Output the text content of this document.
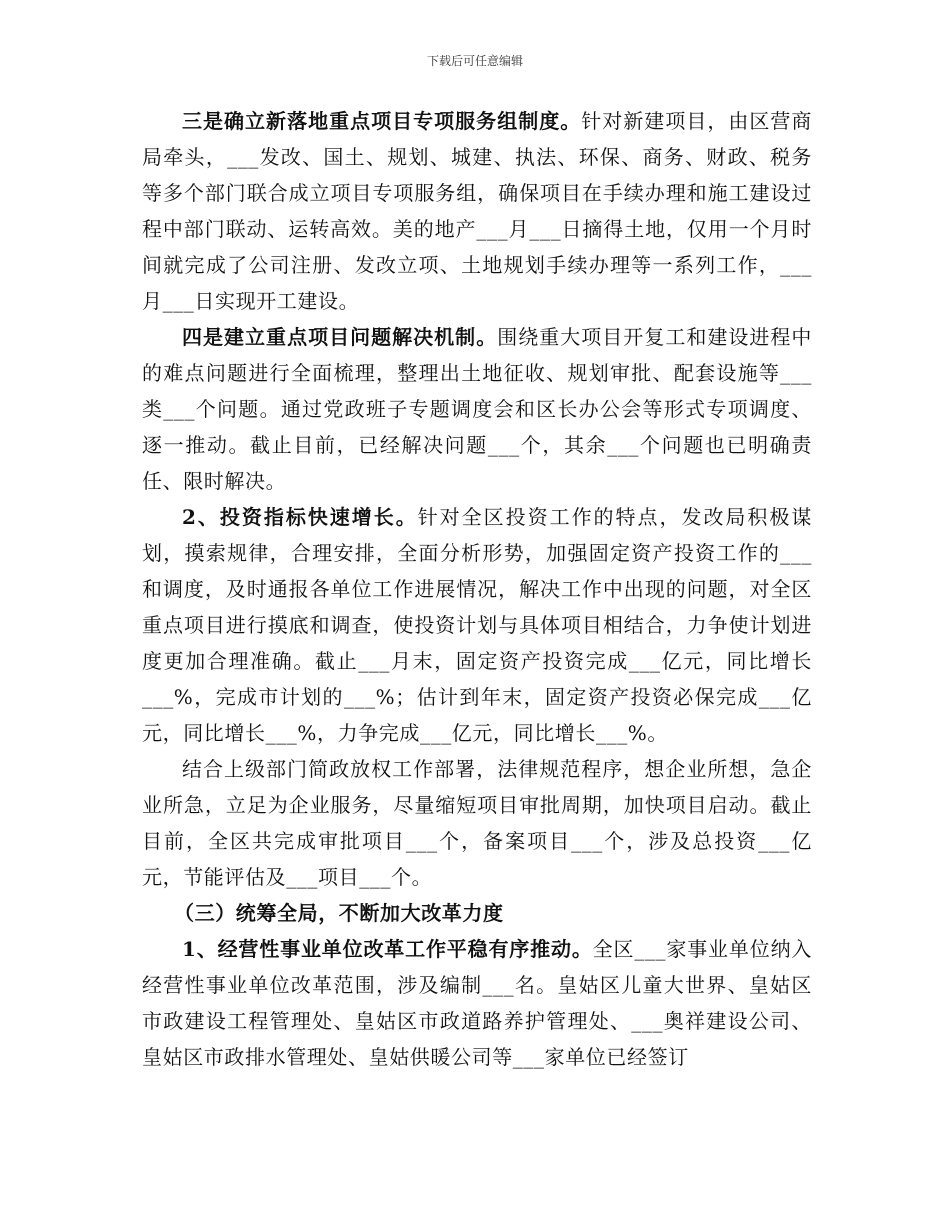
下载后可任意编辑

三是确立新落地重点项目专项服务组制度。针对新建项目，由区营商局牵头，___发改、国土、规划、城建、执法、环保、商务、财政、税务等多个部门联合成立项目专项服务组，确保项目在手续办理和施工建设过程中部门联动、运转高效。美的地产___月___日摘得土地，仅用一个月时间就完成了公司注册、发改立项、土地规划手续办理等一系列工作，___月___日实现开工建设。

四是建立重点项目问题解决机制。围绕重大项目开复工和建设进程中的难点问题进行全面梳理，整理出土地征收、规划审批、配套设施等___类___个问题。通过党政班子专题调度会和区长办公会等形式专项调度、逐一推动。截止目前，已经解决问题___个，其余___个问题也已明确责任、限时解决。

2、投资指标快速增长。针对全区投资工作的特点，发改局积极谋划，摸索规律，合理安排，全面分析形势，加强固定资产投资工作的___和调度，及时通报各单位工作进展情况，解决工作中出现的问题，对全区重点项目进行摸底和调查，使投资计划与具体项目相结合，力争使计划进度更加合理准确。截止___月末，固定资产投资完成___亿元，同比增长___%，完成市计划的___%；估计到年末，固定资产投资必保完成___亿元，同比增长___%，力争完成___亿元，同比增长___%。

结合上级部门简政放权工作部署，法律规范程序，想企业所想，急企业所急，立足为企业服务，尽量缩短项目审批周期，加快项目启动。截止目前，全区共完成审批项目___个，备案项目___个，涉及总投资___亿元，节能评估及___项目___个。

（三）统筹全局，不断加大改革力度

1、经营性事业单位改革工作平稳有序推动。全区___家事业单位纳入经营性事业单位改革范围，涉及编制___名。皇姑区儿童大世界、皇姑区市政建设工程管理处、皇姑区市政道路养护管理处、___奥祥建设公司、皇姑区市政排水管理处、皇姑供暖公司等___家单位已经签订
